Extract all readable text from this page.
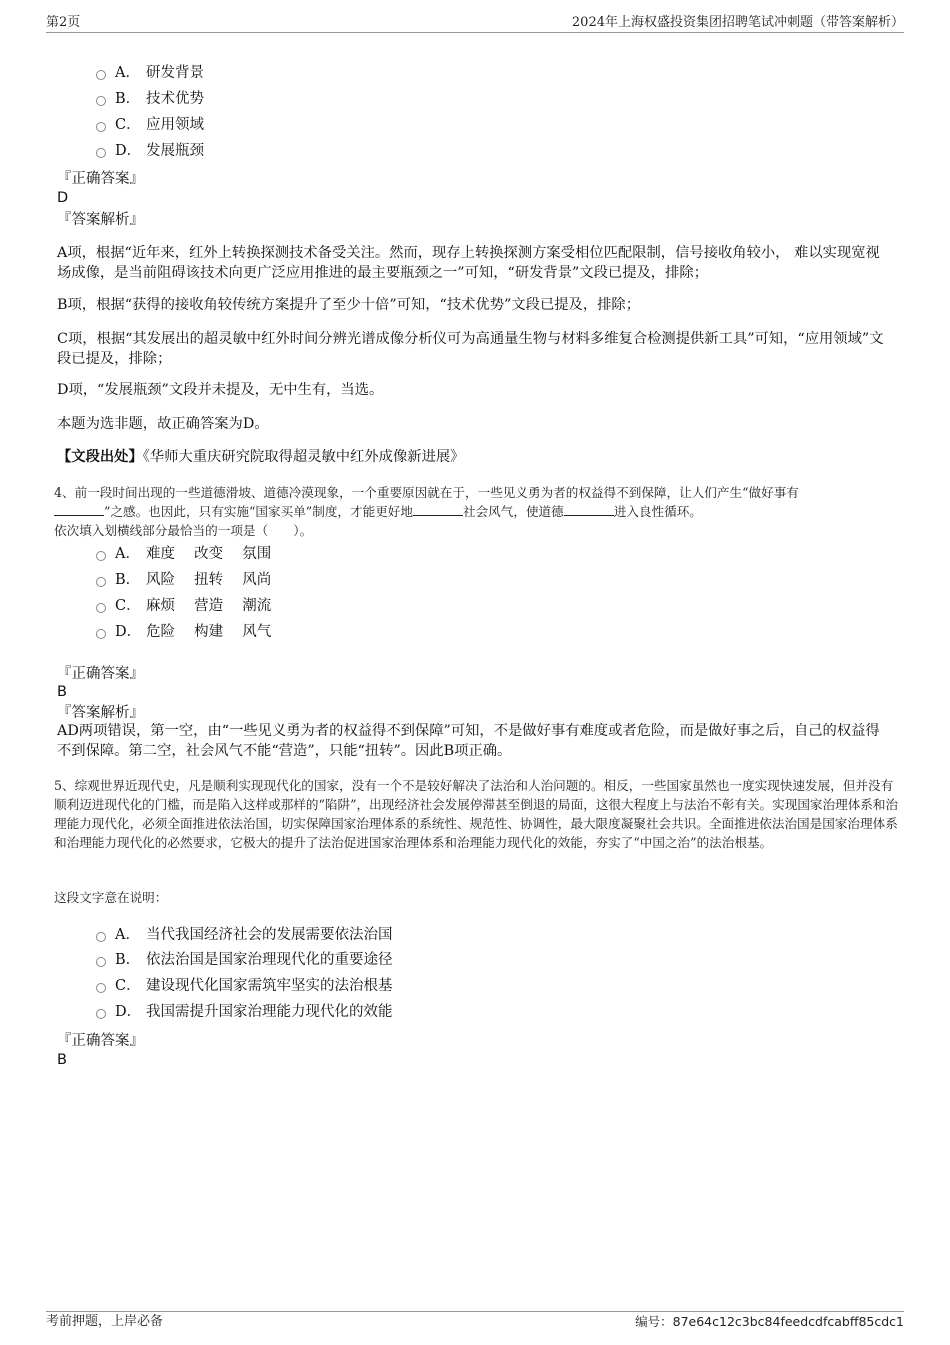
第2页	2024年上海权盛投资集团招聘笔试冲刺题（带答案解析）
A． 研发背景
B． 技术优势
C． 应用领域
D． 发展瓶颈
『正确答案』
D
『答案解析』
A项，根据“近年来，红外上转换探测技术备受关注。然而，现存上转换探测方案受相位匹配限制，信号接收角较小， 难以实现宽视场成像，是当前阻碍该技术向更广泛应用推进的最主要瓶颈之一”可知，“研发背景”文段已提及，排除；
B项，根据“获得的接收角较传统方案提升了至少十倍”可知，“技术优势”文段已提及，排除；
C项，根据“其发展出的超灵敏中红外时间分辨光谱成像分析仪可为高通量生物与材料多维复合检测提供新工具”可知，“应用领域”文段已提及，排除；
D项，“发展瓶颈”文段并未提及，无中生有，当选。
本题为选非题，故正确答案为D。
【文段出处】《华师大重庆研究院取得超灵敏中红外成像新进展》
4、前一段时间出现的一些道德滑坡、道德冷漠现象，一个重要原因就在于，一些见义勇为者的权益得不到保障，让人们产生“做好事有
”之感。也因此，只有实施“国家买单”制度，才能更好地	社会风气，使道德	进入良性循环。
依次填入划横线部分最恰当的一项是（　　）。
A． 难度　 改变　 氛围
B． 风险　 扭转　 风尚
C． 麻烦　 营造　 潮流
D． 危险　 构建　 风气
『正确答案』
B
『答案解析』
AD两项错误，第一空，由“一些见义勇为者的权益得不到保障”可知，不是做好事有难度或者危险，而是做好事之后，自己的权益得不到保障。第二空，社会风气不能“营造”，只能“扭转”。因此B项正确。
5、综观世界近现代史，凡是顺利实现现代化的国家，没有一个不是较好解决了法治和人治问题的。相反，一些国家虽然也一度实现快速发展，但并没有顺利迈进现代化的门槛，而是陷入这样或那样的“陷阱”，出现经济社会发展停滞甚至倒退的局面，这很大程度上与法治不彰有关。实现国家治理体系和治理能力现代化，必须全面推进依法治国，切实保障国家治理体系的系统性、规范性、协调性，最大限度凝聚社会共识。全面推进依法治国是国家治理体系和治理能力现代化的必然要求，它极大的提升了法治促进国家治理体系和治理能力现代化的效能，夯实了“中国之治”的法治根基。
这段文字意在说明：
A． 当代我国经济社会的发展需要依法治国
B． 依法治国是国家治理现代化的重要途径
C． 建设现代化国家需筑牢坚实的法治根基
D． 我国需提升国家治理能力现代化的效能
『正确答案』
B
考前押题，上岸必备	编号：87e64c12c3bc84feedcdfcabff85cdc1
